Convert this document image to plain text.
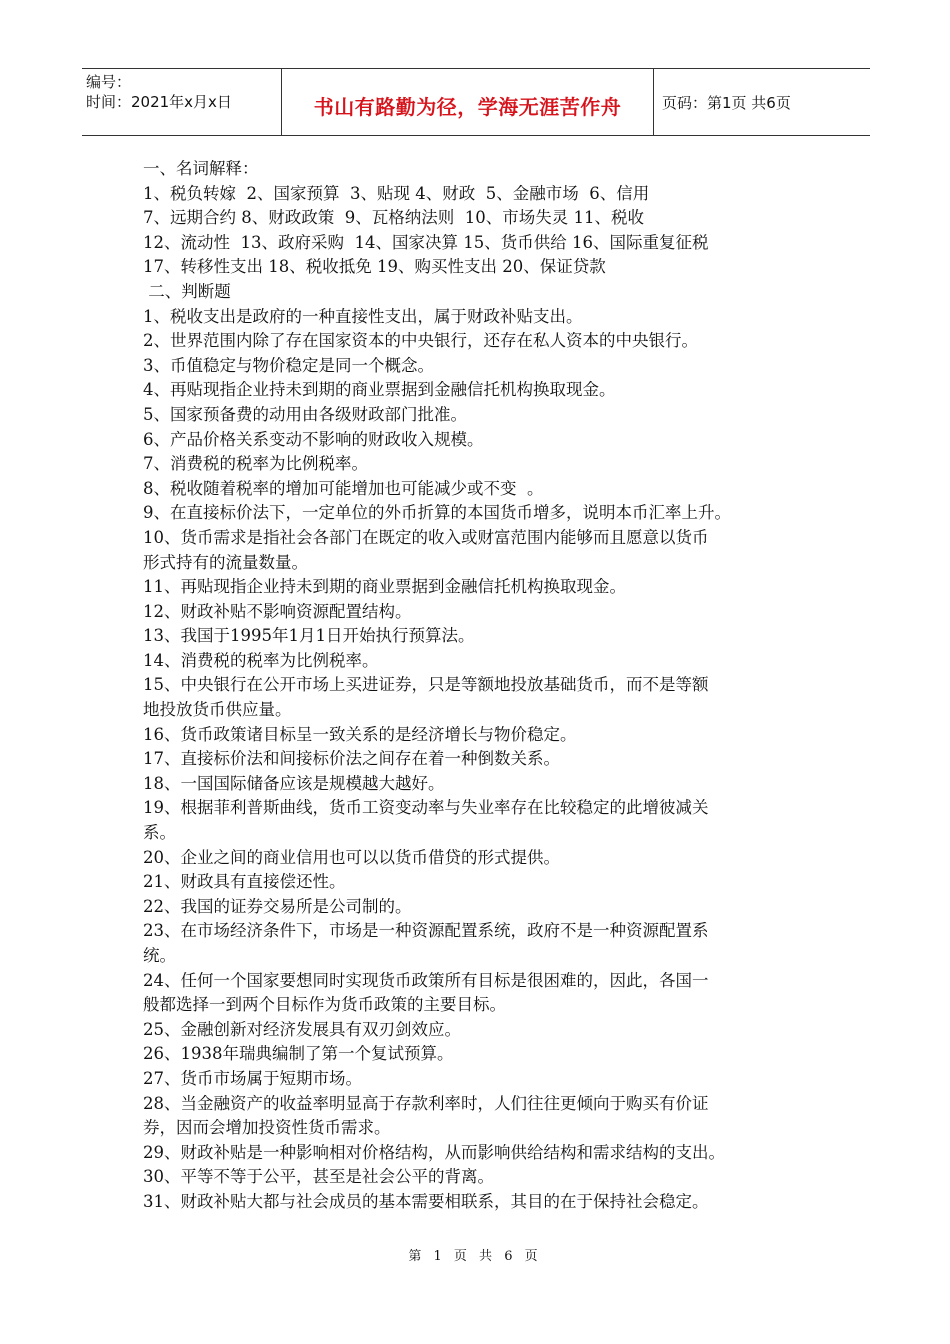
编号：
时间：2021年x月x日	书山有路勤为径，学海无涯苦作舟	页码：第1页 共6页
一、名词解释：
1、税负转嫁  2、国家预算  3、贴现 4、财政  5、金融市场  6、信用
7、远期合约 8、财政政策  9、瓦格纳法则  10、市场失灵 11、税收
12、流动性  13、政府采购  14、国家决算 15、货币供给 16、国际重复征税
17、转移性支出 18、税收抵免 19、购买性支出 20、保证贷款
二、判断题
1、税收支出是政府的一种直接性支出，属于财政补贴支出。
2、世界范围内除了存在国家资本的中央银行，还存在私人资本的中央银行。
3、币值稳定与物价稳定是同一个概念。
4、再贴现指企业持未到期的商业票据到金融信托机构换取现金。
5、国家预备费的动用由各级财政部门批准。
6、产品价格关系变动不影响的财政收入规模。
7、消费税的税率为比例税率。
8、税收随着税率的增加可能增加也可能减少或不变  。
9、在直接标价法下，一定单位的外币折算的本国货币增多，说明本币汇率上升。
10、货币需求是指社会各部门在既定的收入或财富范围内能够而且愿意以货币
形式持有的流量数量。
11、再贴现指企业持未到期的商业票据到金融信托机构换取现金。
12、财政补贴不影响资源配置结构。
13、我国于1995年1月1日开始执行预算法。
14、消费税的税率为比例税率。
15、中央银行在公开市场上买进证券，只是等额地投放基础货币，而不是等额
地投放货币供应量。
16、货币政策诸目标呈一致关系的是经济增长与物价稳定。
17、直接标价法和间接标价法之间存在着一种倒数关系。
18、一国国际储备应该是规模越大越好。
19、根据菲利普斯曲线，货币工资变动率与失业率存在比较稳定的此增彼减关
系。
20、企业之间的商业信用也可以以货币借贷的形式提供。
21、财政具有直接偿还性。
22、我国的证券交易所是公司制的。
23、在市场经济条件下，市场是一种资源配置系统，政府不是一种资源配置系
统。
24、任何一个国家要想同时实现货币政策所有目标是很困难的，因此，各国一
般都选择一到两个目标作为货币政策的主要目标。
25、金融创新对经济发展具有双刃剑效应。
26、1938年瑞典编制了第一个复试预算。
27、货币市场属于短期市场。
28、当金融资产的收益率明显高于存款利率时，人们往往更倾向于购买有价证
券，因而会增加投资性货币需求。
29、财政补贴是一种影响相对价格结构，从而影响供给结构和需求结构的支出。
30、平等不等于公平，甚至是社会公平的背离。
31、财政补贴大都与社会成员的基本需要相联系，其目的在于保持社会稳定。
第 1 页 共 6 页
